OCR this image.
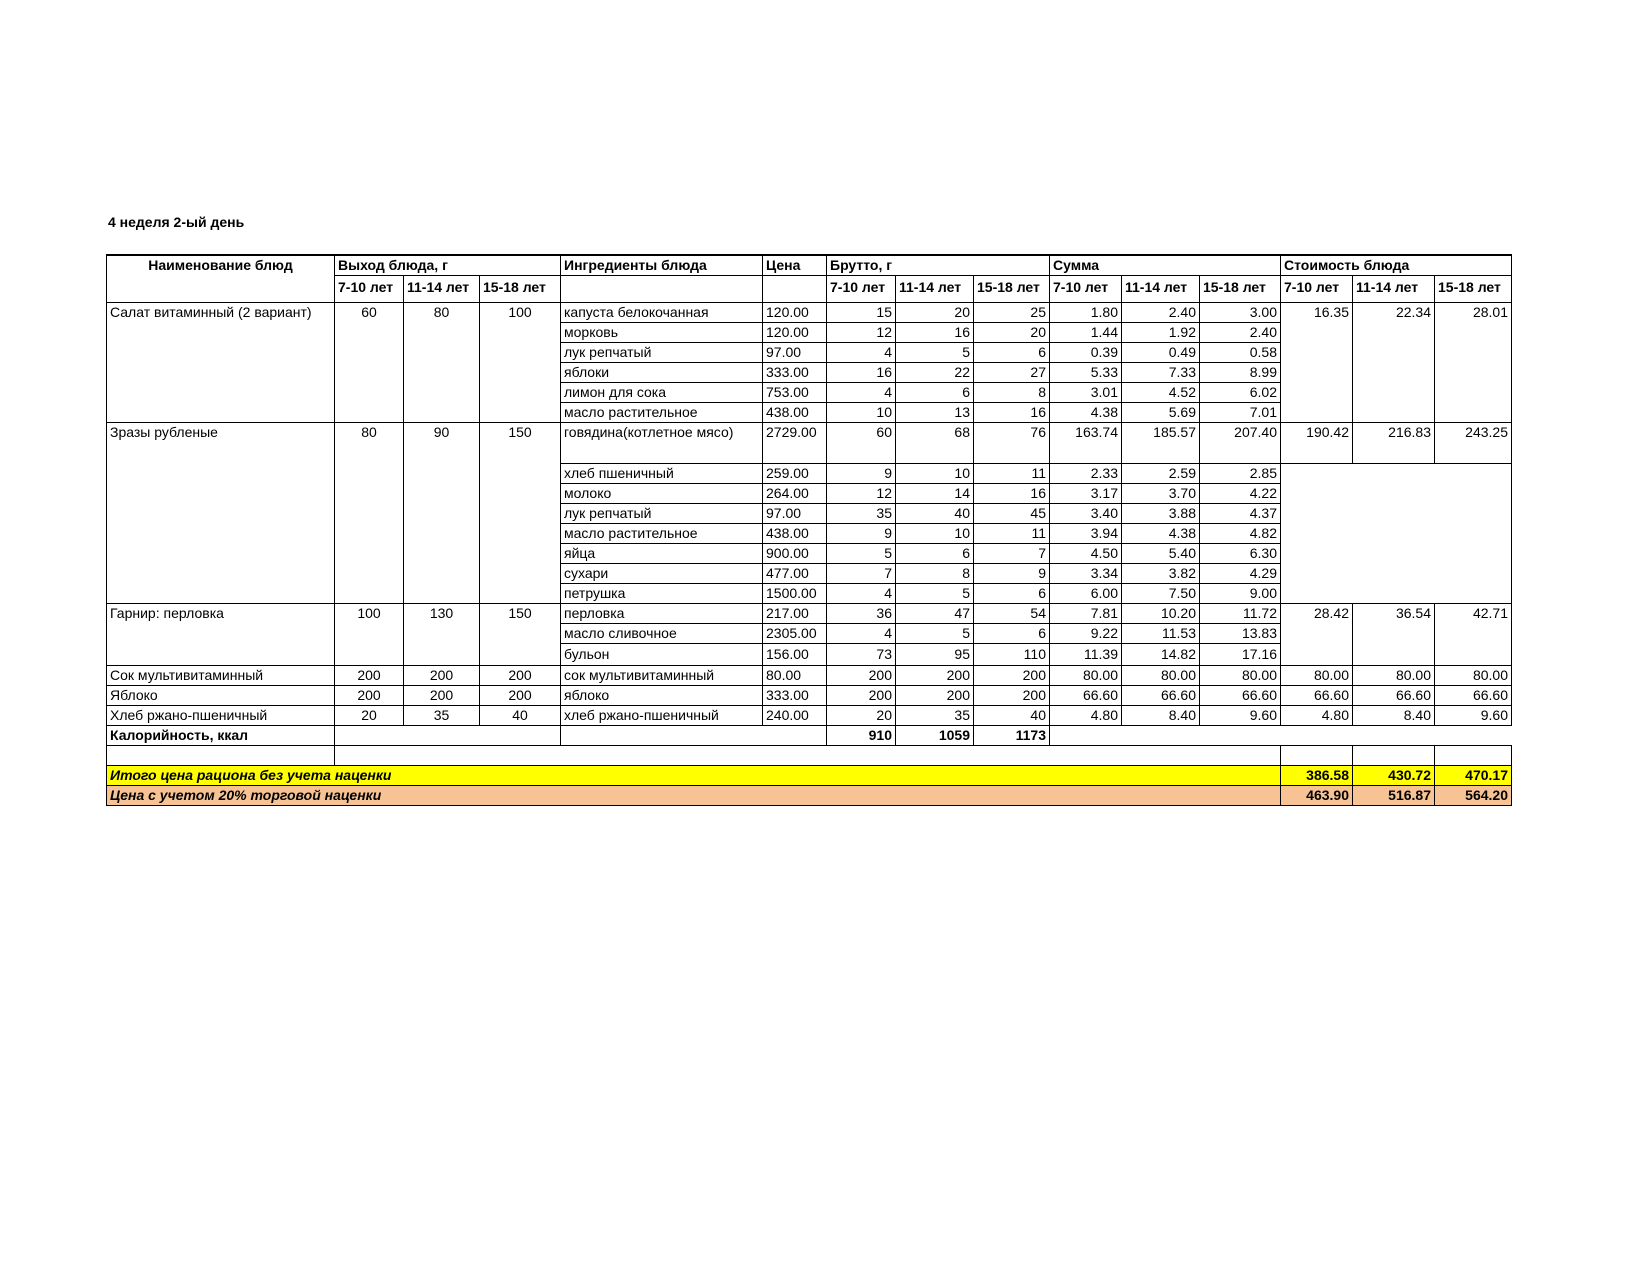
4 неделя 2-ый день
Наименование блюд	Выход блюда, г			Ингредиенты блюда	Цена	Брутто, г			Сумма			Стоимость блюда		
	7-10 лет	11-14 лет	15-18 лет			7-10 лет	11-14 лет	15-18 лет	7-10 лет	11-14 лет	15-18 лет	7-10 лет	11-14 лет	15-18 лет
Салат витаминный (2 вариант)	60	80	100	капуста белокочанная	120.00	15	20	25	1.80	2.40	3.00	16.35	22.34	28.01
				морковь	120.00	12	16	20	1.44	1.92	2.40			
				лук репчатый	97.00	4	5	6	0.39	0.49	0.58			
				яблоки	333.00	16	22	27	5.33	7.33	8.99			
				лимон для сока	753.00	4	6	8	3.01	4.52	6.02			
				масло растительное	438.00	10	13	16	4.38	5.69	7.01			
Зразы рубленые	80	90	150	говядина(котлетное мясо)	2729.00	60	68	76	163.74	185.57	207.40	190.42	216.83	243.25
				хлеб пшеничный	259.00	9	10	11	2.33	2.59	2.85			
				молоко	264.00	12	14	16	3.17	3.70	4.22			
				лук репчатый	97.00	35	40	45	3.40	3.88	4.37			
				масло растительное	438.00	9	10	11	3.94	4.38	4.82			
				яйца	900.00	5	6	7	4.50	5.40	6.30			
				сухари	477.00	7	8	9	3.34	3.82	4.29			
				петрушка	1500.00	4	5	6	6.00	7.50	9.00			
Гарнир: перловка	100	130	150	перловка	217.00	36	47	54	7.81	10.20	11.72	28.42	36.54	42.71
				масло сливочное	2305.00	4	5	6	9.22	11.53	13.83			
				бульон	156.00	73	95	110	11.39	14.82	17.16			
Сок мультивитаминный	200	200	200	сок мультивитаминный	80.00	200	200	200	80.00	80.00	80.00	80.00	80.00	80.00
Яблоко	200	200	200	яблоко	333.00	200	200	200	66.60	66.60	66.60	66.60	66.60	66.60
Хлеб ржано-пшеничный	20	35	40	хлеб ржано-пшеничный	240.00	20	35	40	4.80	8.40	9.60	4.80	8.40	9.60
Калорийность, ккал						910	1059	1173						

Итого цена рациона без учета наценки												386.58	430.72	470.17
Цена с учетом 20% торговой наценки												463.90	516.87	564.20
